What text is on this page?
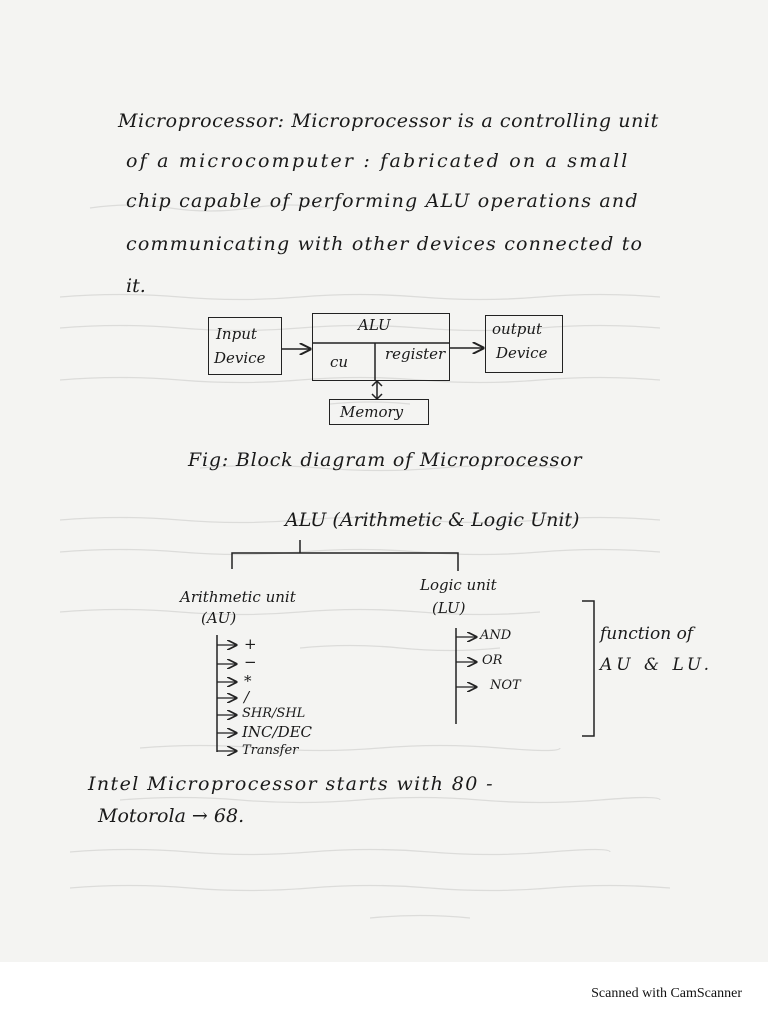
Microprocessor: Microprocessor is a controlling unit
of a microcomputer : fabricated on a small
chip capable of performing ALU operations and
communicating with other devices connected to
it.
Input
Device
ALU
cu register
output
Device
Memory
Fig: Block diagram of Microprocessor
ALU (Arithmetic & Logic Unit)
Arithmetic unit
(AU)
+
−
*
/
SHR/SHL
INC/DEC
Transfer
Logic unit
(LU)
AND
OR
NOT
function of
AU & LU.
Intel Microprocessor starts with 80 -
Motorola → 68.
Scanned with CamScanner
